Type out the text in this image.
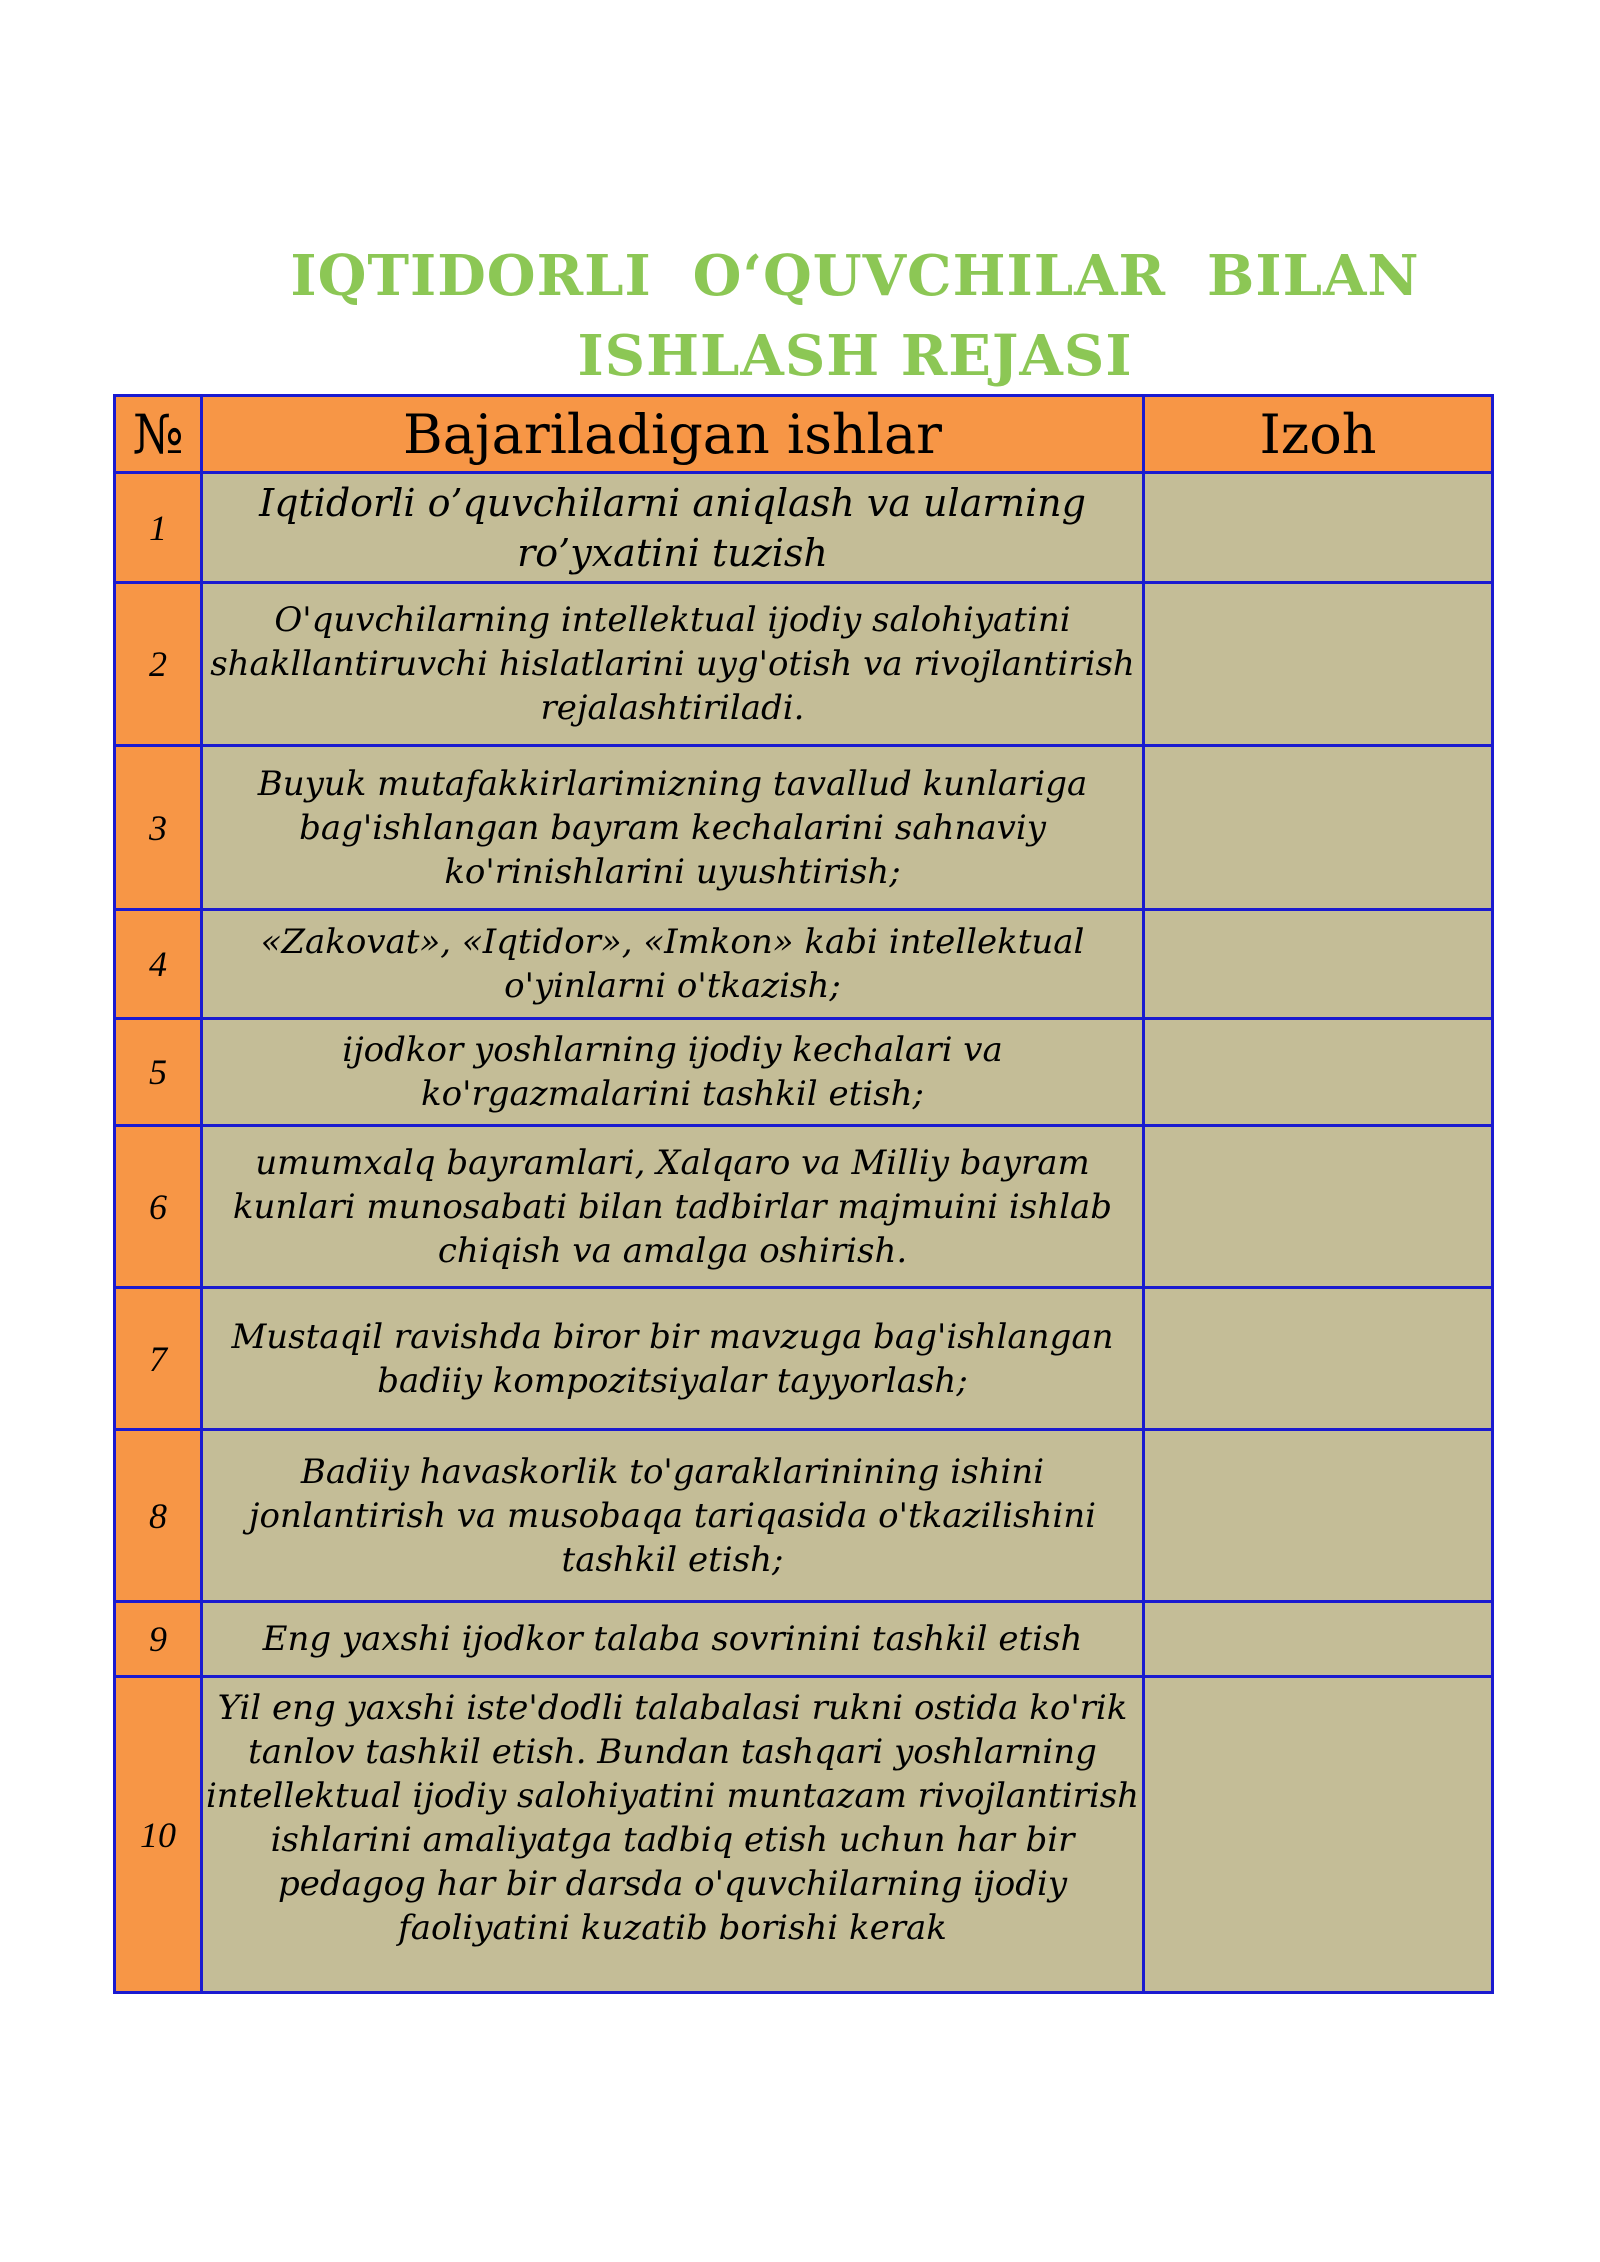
IQTIDORLI  O‘QUVCHILAR  BILAN
ISHLASH REJASI
№	Bajariladigan ishlar	Izoh
1	Iqtidorli o’quvchilarni aniqlash va ularning ro’yxatini tuzish	
2	O'quvchilarning intellektual ijodiy salohiyatini shakllantiruvchi hislatlarini uyg'otish va rivojlantirish rejalashtiriladi.	
3	Buyuk mutafakkirlarimizning tavallud kunlariga bag'ishlangan bayram kechalarini sahnaviy ko'rinishlarini uyushtirish;	
4	«Zakovat», «Iqtidor», «Imkon» kabi intellektual o'yinlarni o'tkazish;	
5	ijodkor yoshlarning ijodiy kechalari va ko'rgazmalarini tashkil etish;	
6	umumxalq bayramlari, Xalqaro va Milliy bayram kunlari munosabati bilan tadbirlar majmuini ishlab chiqish va amalga oshirish.	
7	Mustaqil ravishda biror bir mavzuga bag'ishlangan badiiy kompozitsiyalar tayyorlash;	
8	Badiiy havaskorlik to'garaklarinining ishini jonlantirish va musobaqa tariqasida o'tkazilishini tashkil etish;	
9	Eng yaxshi ijodkor talaba sovrinini tashkil etish	
10	Yil eng yaxshi iste'dodli talabalasi rukni ostida ko'rik tanlov tashkil etish. Bundan tashqari yoshlarning intellektual ijodiy salohiyatini muntazam rivojlantirish ishlarini amaliyatga tadbiq etish uchun har bir pedagog har bir darsda o'quvchilarning ijodiy faoliyatini kuzatib borishi kerak	
